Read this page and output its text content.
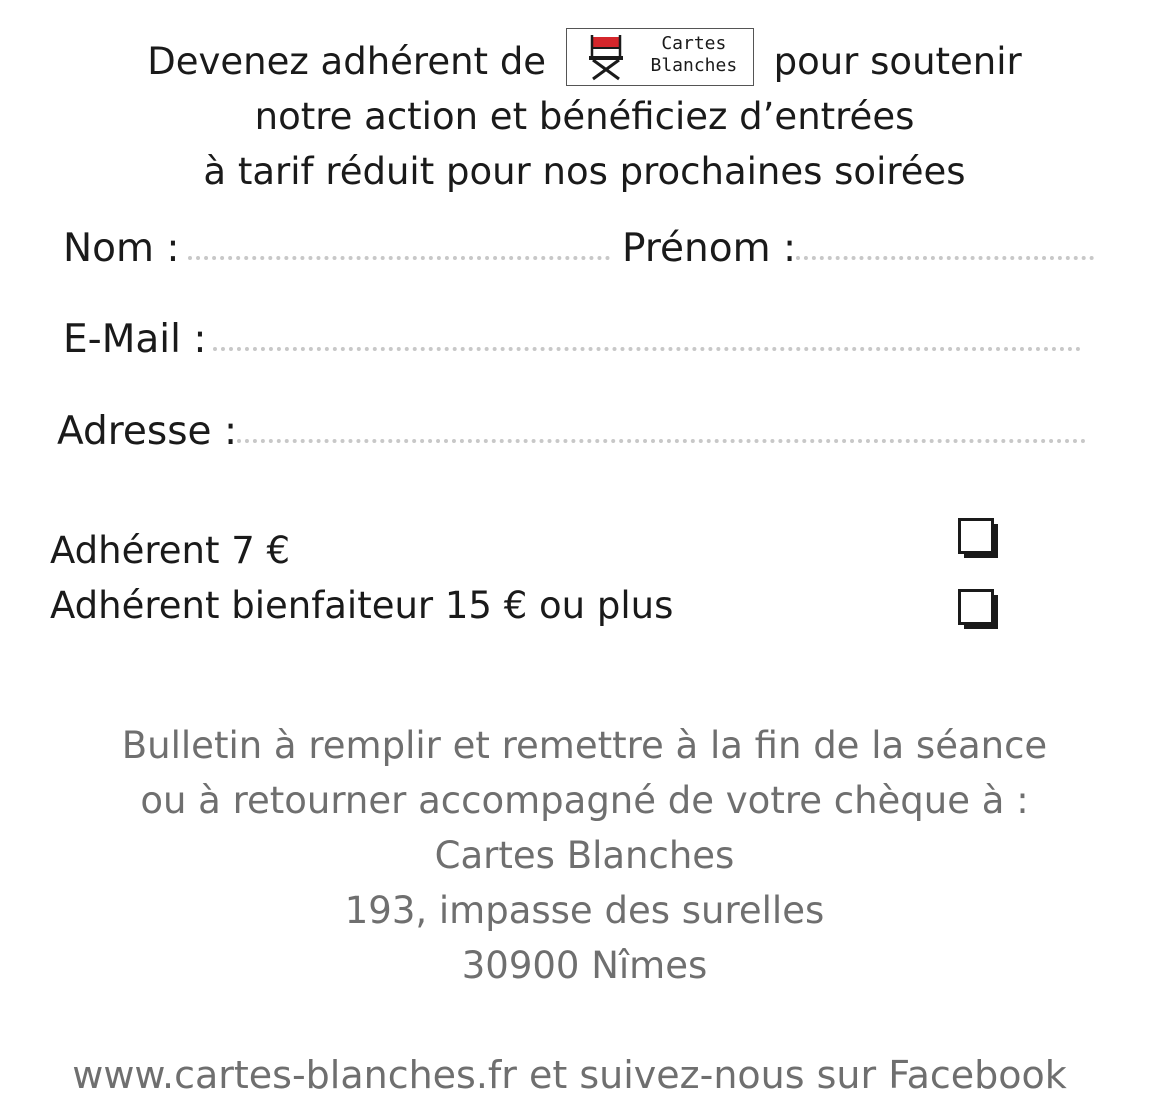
Devenez adhérent de	Cartes
Blanches pour soutenir
notre action et bénéficiez d’entrées
à tarif réduit pour nos prochaines soirées
Nom :	Prénom :
E-Mail :
Adresse :
Adhérent 7 €
Adhérent bienfaiteur 15 € ou plus
Bulletin à remplir et remettre à la fin de la séance
ou à retourner accompagné de votre chèque à :
Cartes Blanches
193, impasse des surelles
30900 Nîmes
www.cartes-blanches.fr et suivez-nous sur Facebook
